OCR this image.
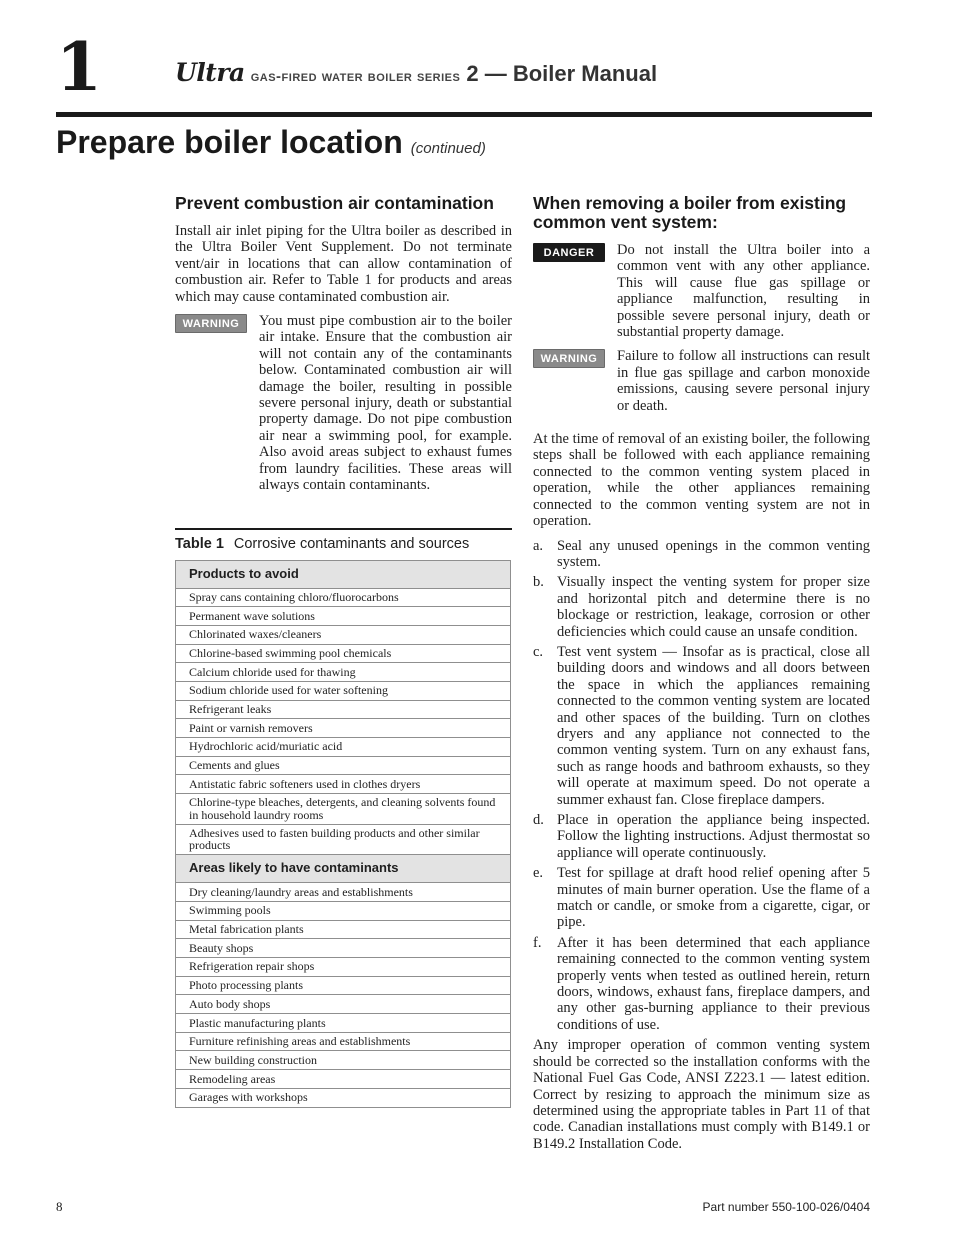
1	Ultra gas-fired water boiler series 2 — Boiler Manual
Prepare boiler location (continued)
Prevent combustion air contamination

Install air inlet piping for the Ultra boiler as described in the Ultra Boiler Vent Supplement. Do not terminate vent/air in locations that can allow contamination of combustion air. Refer to Table 1 for products and areas which may cause contaminated combustion air.

WARNING	You must pipe combustion air to the boiler air intake. Ensure that the combustion air will not contain any of the contaminants below. Contaminated combustion air will damage the boiler, resulting in possible severe personal injury, death or substantial property damage. Do not pipe combustion air near a swimming pool, for example. Also avoid areas subject to exhaust fumes from laundry facilities. These areas will always contain contaminants.

Table 1 Corrosive contaminants and sources
Products to avoid
Spray cans containing chloro/fluorocarbons
Permanent wave solutions
Chlorinated waxes/cleaners
Chlorine-based swimming pool chemicals
Calcium chloride used for thawing
Sodium chloride used for water softening
Refrigerant leaks
Paint or varnish removers
Hydrochloric acid/muriatic acid
Cements and glues
Antistatic fabric softeners used in clothes dryers
Chlorine-type bleaches, detergents, and cleaning solvents found in household laundry rooms
Adhesives used to fasten building products and other similar products
Areas likely to have contaminants
Dry cleaning/laundry areas and establishments
Swimming pools
Metal fabrication plants
Beauty shops
Refrigeration repair shops
Photo processing plants
Auto body shops
Plastic manufacturing plants
Furniture refinishing areas and establishments
New building construction
Remodeling areas
Garages with workshops
When removing a boiler from existing common vent system:
DANGER	Do not install the Ultra boiler into a common vent with any other appliance. This will cause flue gas spillage or appliance malfunction, resulting in possible severe personal injury, death or substantial property damage.

WARNING	Failure to follow all instructions can result in flue gas spillage and carbon monoxide emissions, causing severe personal injury or death.

At the time of removal of an existing boiler, the following steps shall be followed with each appliance remaining connected to the common venting system placed in operation, while the other appliances remaining connected to the common venting system are not in operation.

a. Seal any unused openings in the common venting system.
b. Visually inspect the venting system for proper size and horizontal pitch and determine there is no blockage or restriction, leakage, corrosion or other deficiencies which could cause an unsafe condition.
c. Test vent system — Insofar as is practical, close all building doors and windows and all doors between the space in which the appliances remaining connected to the common venting system are located and other spaces of the building. Turn on clothes dryers and any appliance not connected to the common venting system. Turn on any exhaust fans, such as range hoods and bathroom exhausts, so they will operate at maximum speed. Do not operate a summer exhaust fan. Close fireplace dampers.
d. Place in operation the appliance being inspected. Follow the lighting instructions. Adjust thermostat so appliance will operate continuously.
e. Test for spillage at draft hood relief opening after 5 minutes of main burner operation. Use the flame of a match or candle, or smoke from a cigarette, cigar, or pipe.
f.	After it has been determined that each appliance remaining connected to the common venting system properly vents when tested as outlined herein, return doors, windows, exhaust fans, fireplace dampers, and any other gas-burning appliance to their previous conditions of use.

Any improper operation of common venting system should be corrected so the installation conforms with the National Fuel Gas Code, ANSI Z223.1 — latest edition. Correct by resizing to approach the minimum size as determined using the appropriate tables in Part 11 of that code. Canadian installations must comply with B149.1 or B149.2 Installation Code.

8	Part number 550-100-026/0404
